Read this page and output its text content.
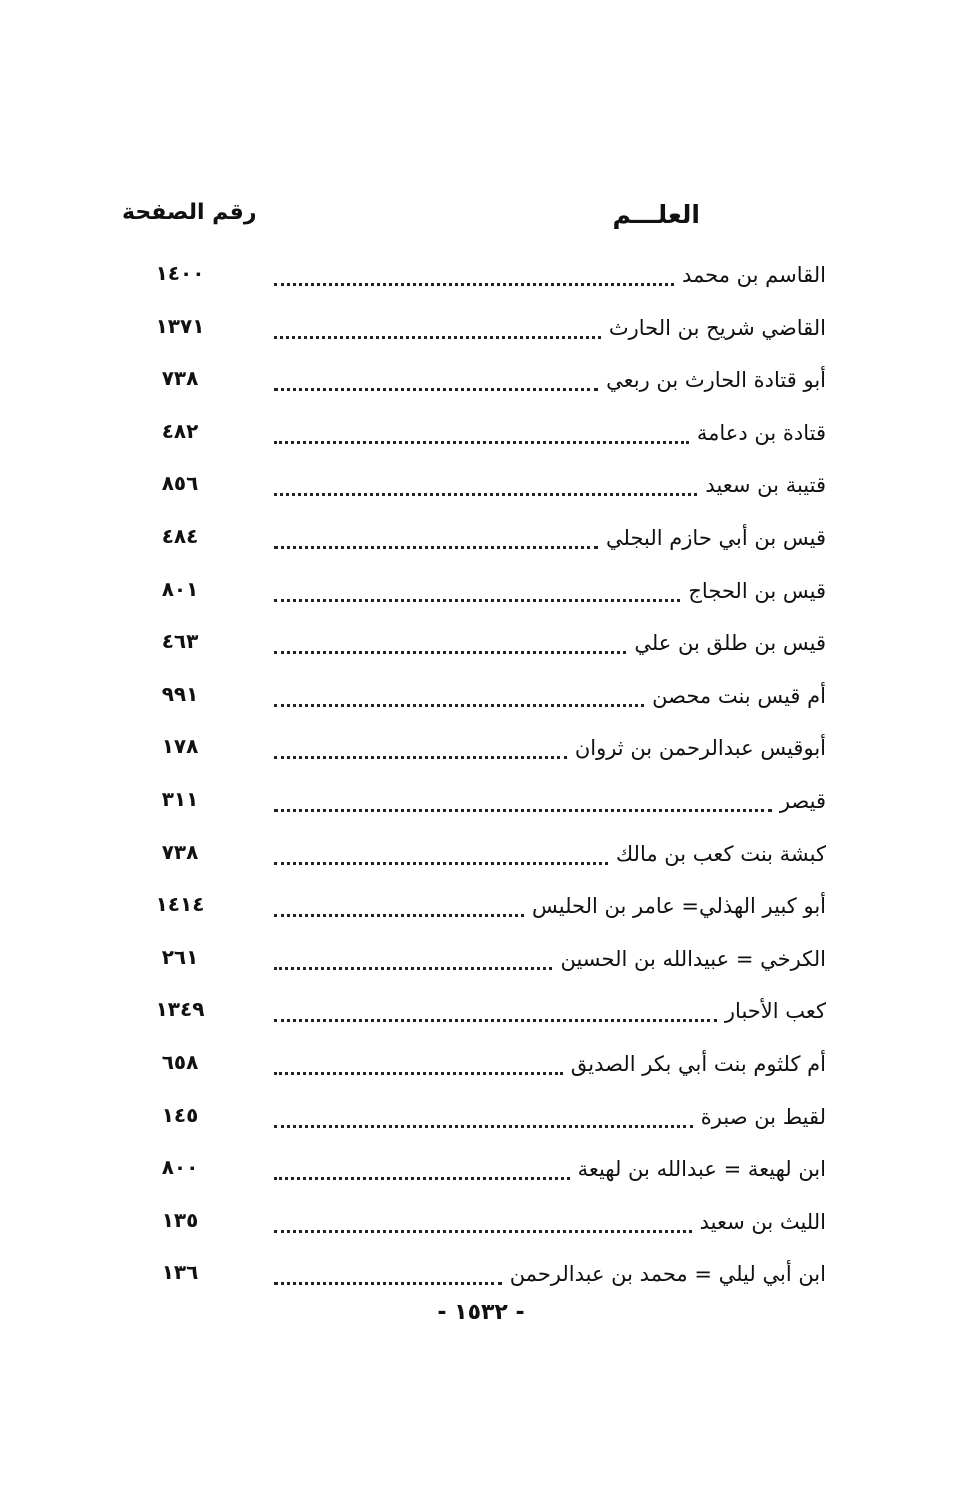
العلـــم
رقم الصفحة
القاسم بن محمد
١٤٠٠
القاضي شريح بن الحارث
١٣٧١
أبو قتادة الحارث بن ربعي
٧٣٨
قتادة بن دعامة
٤٨٢
قتيبة بن سعيد
٨٥٦
قيس بن أبي حازم البجلي
٤٨٤
قيس بن الحجاج
٨٠١
قيس بن طلق بن علي
٤٦٣
أم قيس بنت محصن
٩٩١
أبوقيس عبدالرحمن بن ثروان
١٧٨
قيصر
٣١١
كبشة بنت كعب بن مالك
٧٣٨
أبو كبير الهذلي= عامر بن الحليس
١٤١٤
الكرخي = عبيدالله بن الحسين
٢٦١
كعب الأحبار
١٣٤٩
أم كلثوم بنت أبي بكر الصديق
٦٥٨
لقيط بن صبرة
١٤٥
ابن لهيعة = عبدالله بن لهيعة
٨٠٠
الليث بن سعيد
١٣٥
ابن أبي ليلي = محمد بن عبدالرحمن
١٣٦
- ١٥٣٢ -
